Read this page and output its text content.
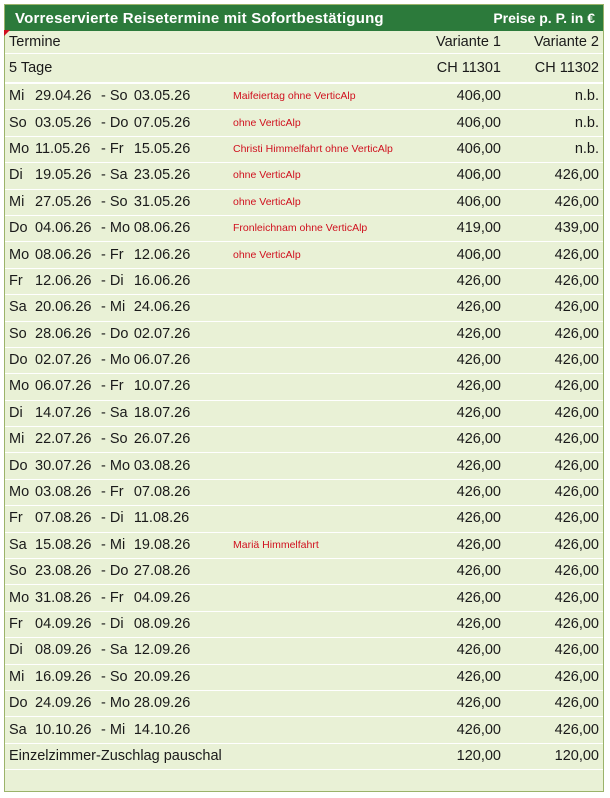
Vorreservierte Reisetermine mit Sofortbestätigung	Preise p. P. in €
Termine		Variante 1	Variante 2
5 Tage		CH 11301	CH 11302
Mi 29.04.26 - So 03.05.26	Maifeiertag ohne VerticAlp	406,00	n.b.
So 03.05.26 - Do 07.05.26	ohne VerticAlp	406,00	n.b.
Mo 11.05.26 - Fr 15.05.26	Christi Himmelfahrt ohne VerticAlp	406,00	n.b.
Di 19.05.26 - Sa 23.05.26	ohne VerticAlp	406,00	426,00
Mi 27.05.26 - So 31.05.26	ohne VerticAlp	406,00	426,00
Do 04.06.26 - Mo 08.06.26	Fronleichnam ohne VerticAlp	419,00	439,00
Mo 08.06.26 - Fr 12.06.26	ohne VerticAlp	406,00	426,00
Fr 12.06.26 - Di 16.06.26		426,00	426,00
Sa 20.06.26 - Mi 24.06.26		426,00	426,00
So 28.06.26 - Do 02.07.26		426,00	426,00
Do 02.07.26 - Mo 06.07.26		426,00	426,00
Mo 06.07.26 - Fr 10.07.26		426,00	426,00
Di 14.07.26 - Sa 18.07.26		426,00	426,00
Mi 22.07.26 - So 26.07.26		426,00	426,00
Do 30.07.26 - Mo 03.08.26		426,00	426,00
Mo 03.08.26 - Fr 07.08.26		426,00	426,00
Fr 07.08.26 - Di 11.08.26		426,00	426,00
Sa 15.08.26 - Mi 19.08.26	Mariä Himmelfahrt	426,00	426,00
So 23.08.26 - Do 27.08.26		426,00	426,00
Mo 31.08.26 - Fr 04.09.26		426,00	426,00
Fr 04.09.26 - Di 08.09.26		426,00	426,00
Di 08.09.26 - Sa 12.09.26		426,00	426,00
Mi 16.09.26 - So 20.09.26		426,00	426,00
Do 24.09.26 - Mo 28.09.26		426,00	426,00
Sa 10.10.26 - Mi 14.10.26		426,00	426,00
Einzelzimmer-Zuschlag pauschal		120,00	120,00
